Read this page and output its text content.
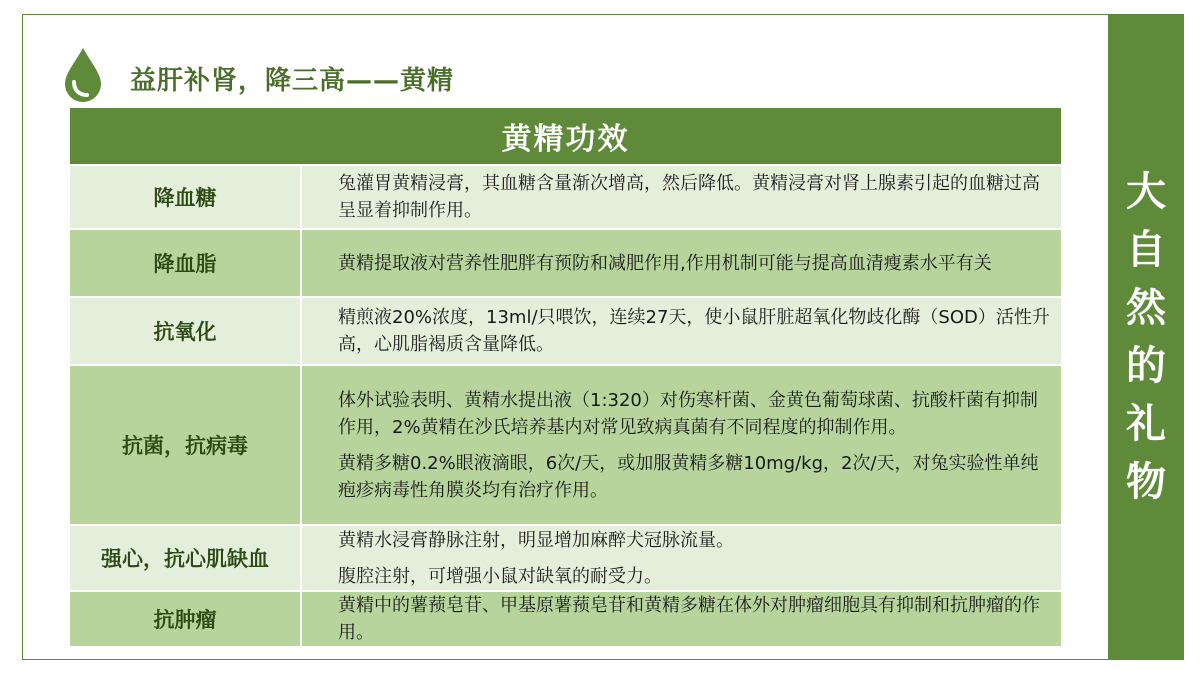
大
自
然
的
礼
物
益肝补肾，降三高——黄精
黄精功效
降血糖

兔灌胃黄精浸膏，其血糖含量渐次增高，然后降低。黄精浸膏对肾上腺素引起的血糖过高呈显着抑制作用。

降血脂	黄精提取液对营养性肥胖有预防和减肥作用,作用机制可能与提高血清瘦素水平有关

抗氧化

精煎液20%浓度，13ml/只喂饮，连续27天，使小鼠肝脏超氧化物歧化酶（SOD）活性升高，心肌脂褐质含量降低。

抗菌，抗病毒

体外试验表明、黄精水提出液（1:320）对伤寒杆菌、金黄色葡萄球菌、抗酸杆菌有抑制作用，2%黄精在沙氏培养基内对常见致病真菌有不同程度的抑制作用。

黄精多糖0.2%眼液滴眼，6次/天，或加服黄精多糖10mg/kg，2次/天，对兔实验性单纯疱疹病毒性角膜炎均有治疗作用。

强心，抗心肌缺血

黄精水浸膏静脉注射，明显增加麻醉犬冠脉流量。

腹腔注射，可增强小鼠对缺氧的耐受力。

抗肿瘤

黄精中的薯蓣皂苷、甲基原薯蓣皂苷和黄精多糖在体外对肿瘤细胞具有抑制和抗肿瘤的作用。
